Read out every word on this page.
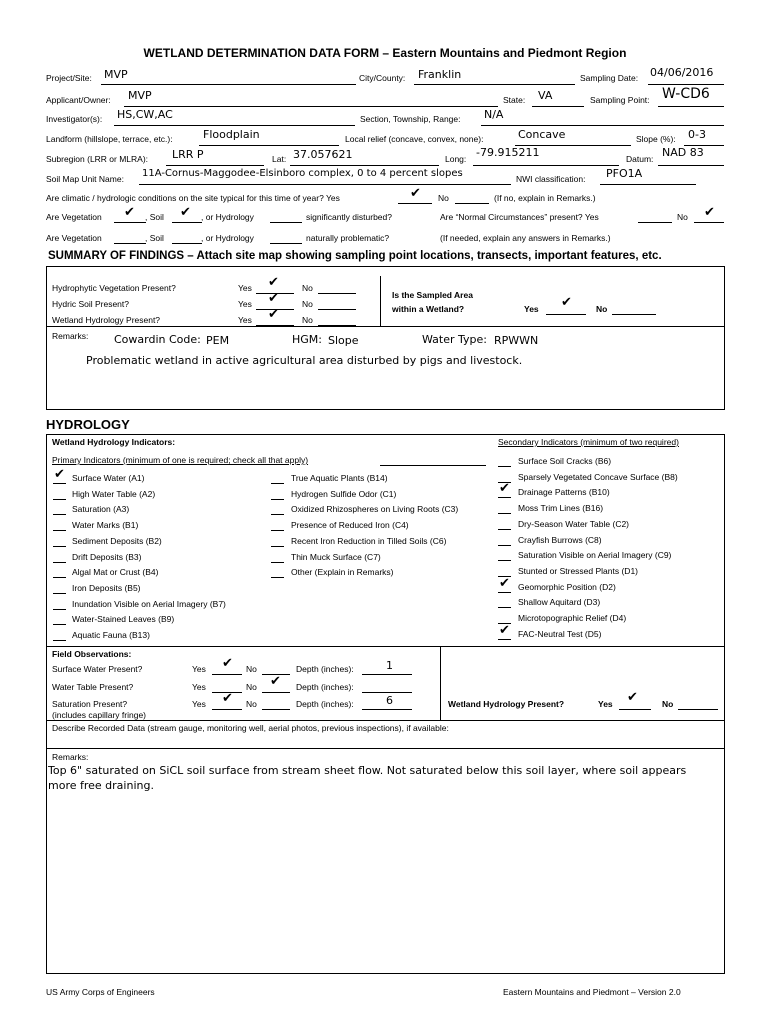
WETLAND DETERMINATION DATA FORM – Eastern Mountains and Piedmont Region
Project/Site: MVP	City/County: Franklin	Sampling Date: 04/06/2016
Applicant/Owner: MVP	State: VA	Sampling Point: W-CD6
Investigator(s): HS,CW,AC	Section, Township, Range: N/A
Landform (hillslope, terrace, etc.):	Floodplain	Local relief (concave, convex, none):	Concave	Slope (%): 0-3
Subregion (LRR or MLRA): LRR P	Lat: 37.057621	Long: -79.915211	Datum: NAD 83
Soil Map Unit Name: 11A-Cornus-Maggodee-Elsinboro complex, 0 to 4 percent slopes	NWI classification: PFO1A
Are climatic / hydrologic conditions on the site typical for this time of year? Yes	✔ No	(If no, explain in Remarks.)
Are Vegetation ✔ , Soil ✔ , or Hydrology	significantly disturbed?	Are “Normal Circumstances” present? Yes	No ✔
Are Vegetation	, Soil	, or Hydrology	naturally problematic?	(If needed, explain any answers in Remarks.)
SUMMARY OF FINDINGS – Attach site map showing sampling point locations, transects, important features, etc.
Hydrophytic Vegetation Present?	Yes ✔	No
Hydric Soil Present?	Yes ✔	No
Wetland Hydrology Present?	Yes ✔	No
Is the Sampled Area
within a Wetland?	Yes ✔	No
Remarks: Cowardin Code: PEM	HGM: Slope	Water Type: RPWWN
Problematic wetland in active agricultural area disturbed by pigs and livestock.
HYDROLOGY
Wetland Hydrology Indicators:	Secondary Indicators (minimum of two required)
Primary Indicators (minimum of one is required; check all that apply)
✔ Surface Water (A1)
High Water Table (A2)
Saturation (A3)
Water Marks (B1)
Sediment Deposits (B2)
Drift Deposits (B3)
Algal Mat or Crust (B4)
Iron Deposits (B5)
Inundation Visible on Aerial Imagery (B7)
Water-Stained Leaves (B9)
Aquatic Fauna (B13)
True Aquatic Plants (B14)
Hydrogen Sulfide Odor (C1)
Oxidized Rhizospheres on Living Roots (C3)
Presence of Reduced Iron (C4)
Recent Iron Reduction in Tilled Soils (C6)
Thin Muck Surface (C7)
Other (Explain in Remarks)
Surface Soil Cracks (B6)
Sparsely Vegetated Concave Surface (B8)
✔ Drainage Patterns (B10)
Moss Trim Lines (B16)
Dry-Season Water Table (C2)
Crayfish Burrows (C8)
Saturation Visible on Aerial Imagery (C9)
Stunted or Stressed Plants (D1)
✔ Geomorphic Position (D2)
Shallow Aquitard (D3)
Microtopographic Relief (D4)
✔ FAC-Neutral Test (D5)
Field Observations:
Surface Water Present?	Yes ✔ No	Depth (inches):	1
Water Table Present?	Yes	No ✔ Depth (inches):
Saturation Present?
(includes capillary fringe)
Yes ✔ No	Depth (inches):	6	Wetland Hydrology Present?	Yes ✔	No
Describe Recorded Data (stream gauge, monitoring well, aerial photos, previous inspections), if available:
Remarks:
Top 6" saturated on SiCL soil surface from stream sheet flow. Not saturated below this soil layer, where soil appears
more free draining.
US Army Corps of Engineers	Eastern Mountains and Piedmont – Version 2.0
